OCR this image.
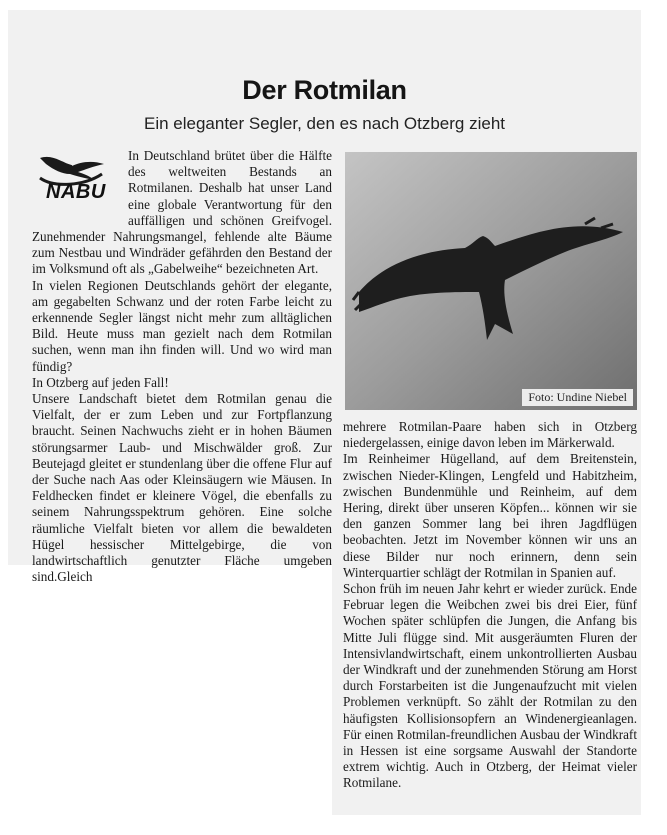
Der Rotmilan
Ein eleganter Segler, den es nach Otzberg zieht
NABU

In Deutschland brütet über die Hälfte des weltweiten Bestands an Rotmilanen. Deshalb hat unser Land eine globale Verantwortung für den auffälligen und schönen Greifvogel. Zunehmender Nahrungsmangel, fehlende alte Bäume zum Nestbau und Windräder gefährden den Bestand der im Volksmund oft als „Gabelweihe“ bezeichneten Art.

In vielen Regionen Deutschlands gehört der elegante, am gegabelten Schwanz und der roten Farbe leicht zu erkennende Segler längst nicht mehr zum alltäglichen Bild. Heute muss man gezielt nach dem Rotmilan suchen, wenn man ihn finden will. Und wo wird man fündig?

In Otzberg auf jeden Fall!

Unsere Landschaft bietet dem Rotmilan genau die Vielfalt, der er zum Leben und zur Fortpflanzung braucht. Seinen Nachwuchs zieht er in hohen Bäumen störungsarmer Laub- und Mischwälder groß. Zur Beutejagd gleitet er stundenlang über die offene Flur auf der Suche nach Aas oder Kleinsäugern wie Mäusen. In Feldhecken findet er kleinere Vögel, die ebenfalls zu seinem Nahrungsspektrum gehören. Eine solche räumliche Vielfalt bieten vor allem die bewaldeten Hügel hessischer Mittelgebirge, die von landwirtschaftlich genutzter Fläche umgeben sind.Gleich

Foto: Undine Niebel

mehrere Rotmilan-Paare haben sich in Otzberg niedergelassen, einige davon leben im Märkerwald.

Im Reinheimer Hügelland, auf dem Breitenstein, zwischen Nieder-Klingen, Lengfeld und Habitzheim, zwischen Bundenmühle und Reinheim, auf dem Hering, direkt über unseren Köpfen... können wir sie den ganzen Sommer lang bei ihren Jagdflügen beobachten. Jetzt im November können wir uns an diese Bilder nur noch erinnern, denn sein Winterquartier schlägt der Rotmilan in Spanien auf.

Schon früh im neuen Jahr kehrt er wieder zurück. Ende Februar legen die Weibchen zwei bis drei Eier, fünf Wochen später schlüpfen die Jungen, die Anfang bis Mitte Juli flügge sind. Mit ausgeräumten Fluren der Intensivlandwirtschaft, einem unkontrollierten Ausbau der Windkraft und der zunehmenden Störung am Horst durch Forstarbeiten ist die Jungenaufzucht mit vielen Problemen verknüpft. So zählt der Rotmilan zu den häufigsten Kollisionsopfern an Windenergieanlagen. Für einen Rotmilan-freundlichen Ausbau der Windkraft in Hessen ist eine sorgsame Auswahl der Standorte extrem wichtig. Auch in Otzberg, der Heimat vieler Rotmilane.
